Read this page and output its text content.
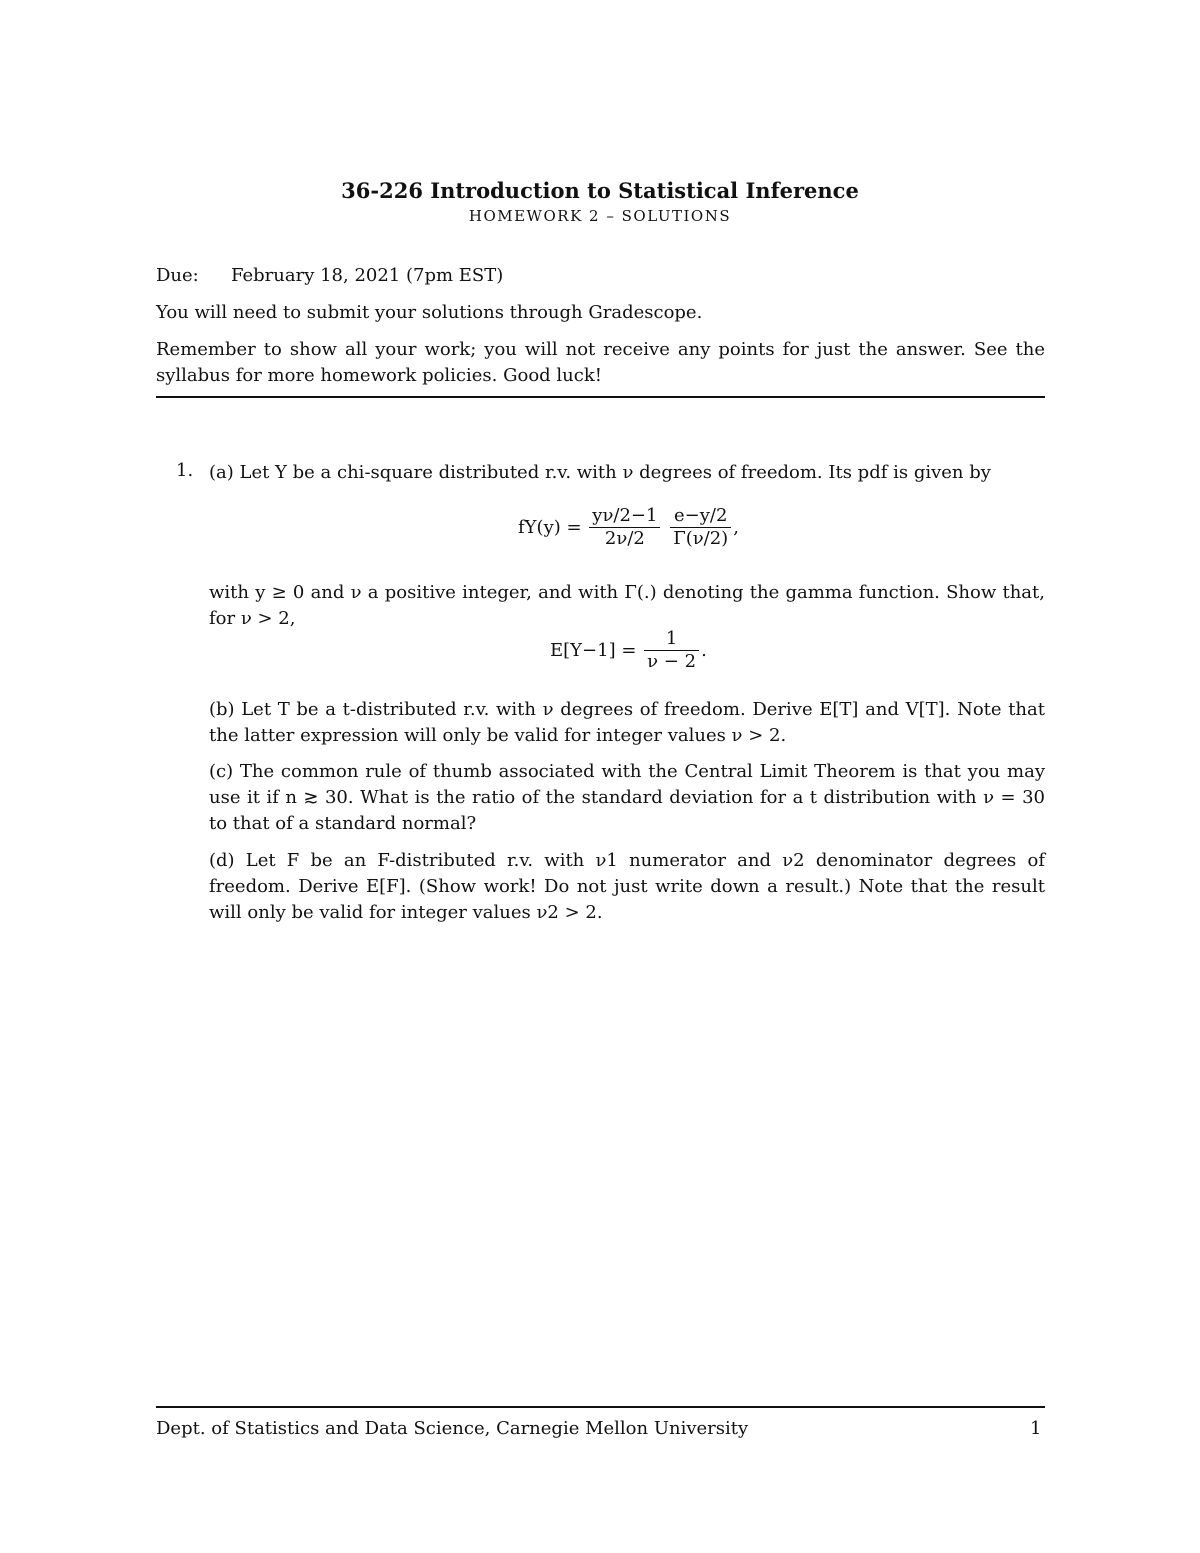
36-226 Introduction to Statistical Inference
HOMEWORK 2 – SOLUTIONS
Due: February 18, 2021 (7pm EST)
You will need to submit your solutions through Gradescope.
Remember to show all your work; you will not receive any points for just the answer. See the syllabus for more homework policies. Good luck!
1. (a) Let Y be a chi-square distributed r.v. with ν degrees of freedom. Its pdf is given by
$fY(y) = \frac{y\nu/2-1}{2\nu/2}$
$\frac{e-y/2}{\Gamma(\nu/2)}$ ,
with y ≥ 0 and ν a positive integer, and with Γ(.) denoting the gamma function. Show that, for ν > 2,
$E[Y-1] = \frac{1}{\nu - 2}$ .
(b) Let T be a t-distributed r.v. with ν degrees of freedom. Derive E[T] and V[T]. Note that the latter expression will only be valid for integer values ν > 2.
(c) The common rule of thumb associated with the Central Limit Theorem is that you may use it if n ≳ 30. What is the ratio of the standard deviation for a t distribution with ν = 30 to that of a standard normal?
(d) Let F be an F-distributed r.v. with ν1 numerator and ν2 denominator degrees of freedom. Derive E[F]. (Show work! Do not just write down a result.) Note that the result will only be valid for integer values ν2 > 2.
Dept. of Statistics and Data Science, Carnegie Mellon University	1
